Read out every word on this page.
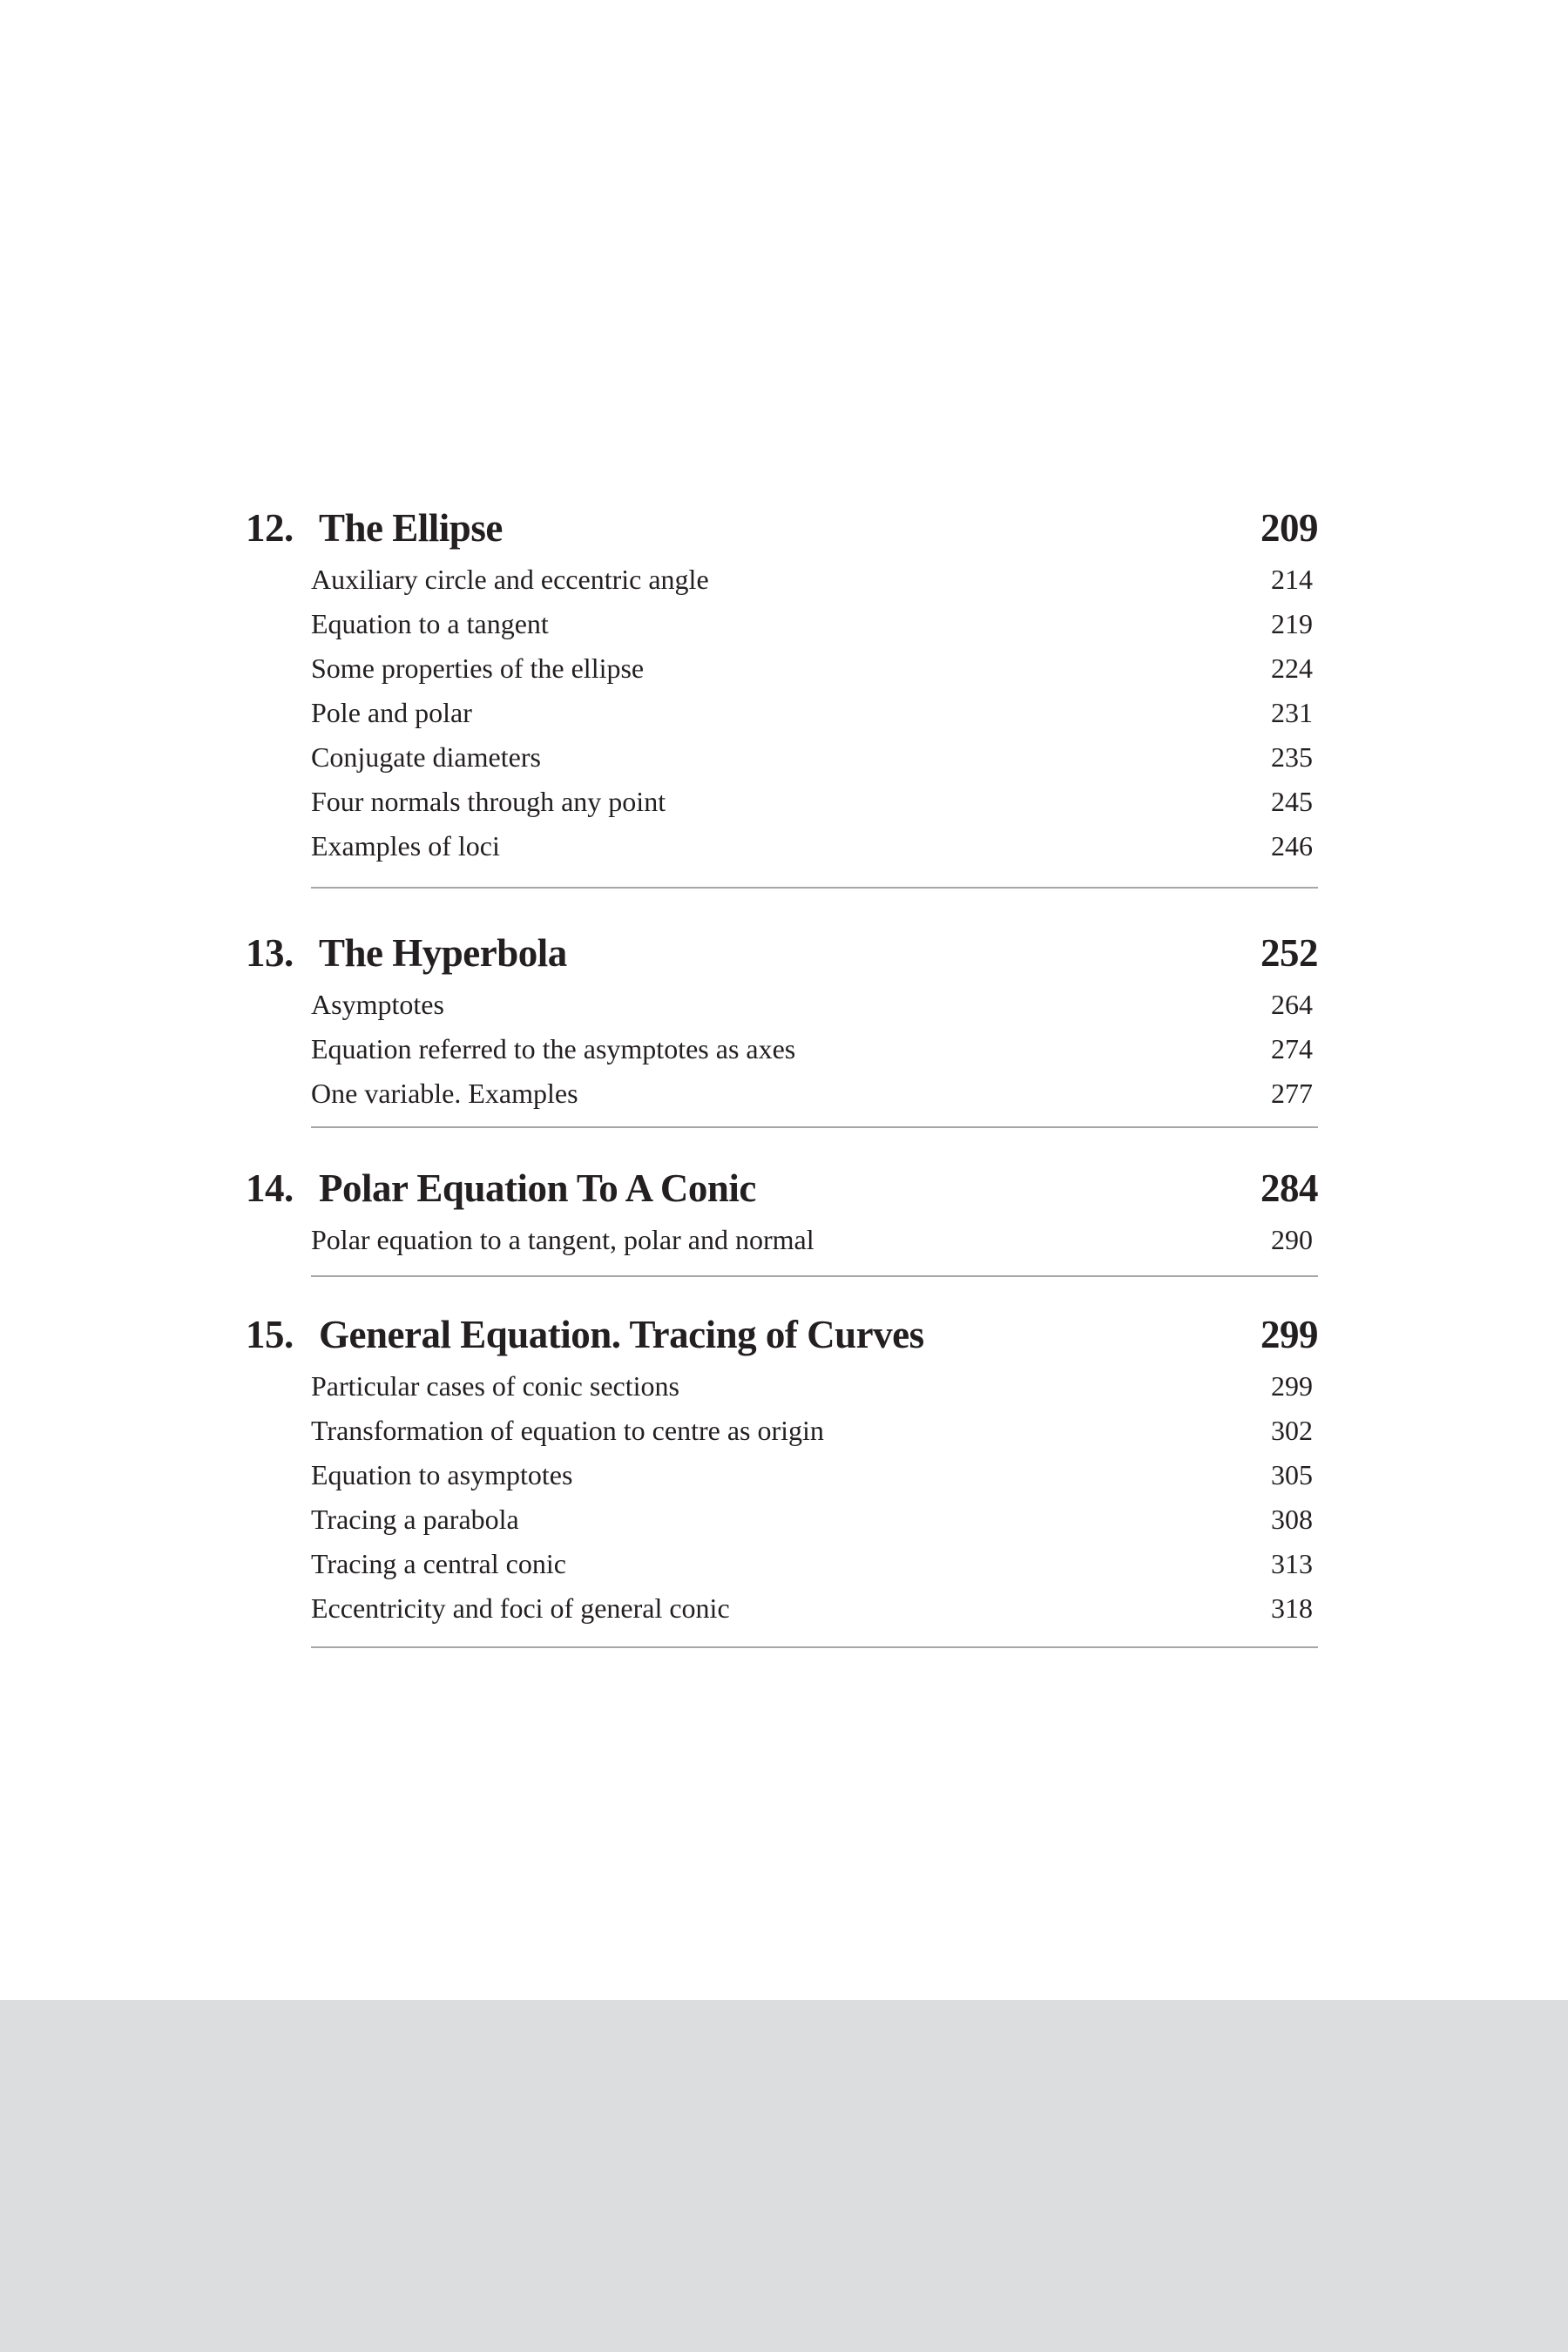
12. The Ellipse	209
Auxiliary circle and eccentric angle	214
Equation to a tangent	219
Some properties of the ellipse	224
Pole and polar	231
Conjugate diameters	235
Four normals through any point	245
Examples of loci	246
13. The Hyperbola	252
Asymptotes	264
Equation referred to the asymptotes as axes	274
One variable. Examples	277
14. Polar Equation To A Conic	284
Polar equation to a tangent, polar and normal	290
15. General Equation. Tracing of Curves	299
Particular cases of conic sections	299
Transformation of equation to centre as origin	302
Equation to asymptotes	305
Tracing a parabola	308
Tracing a central conic	313
Eccentricity and foci of general conic	318
